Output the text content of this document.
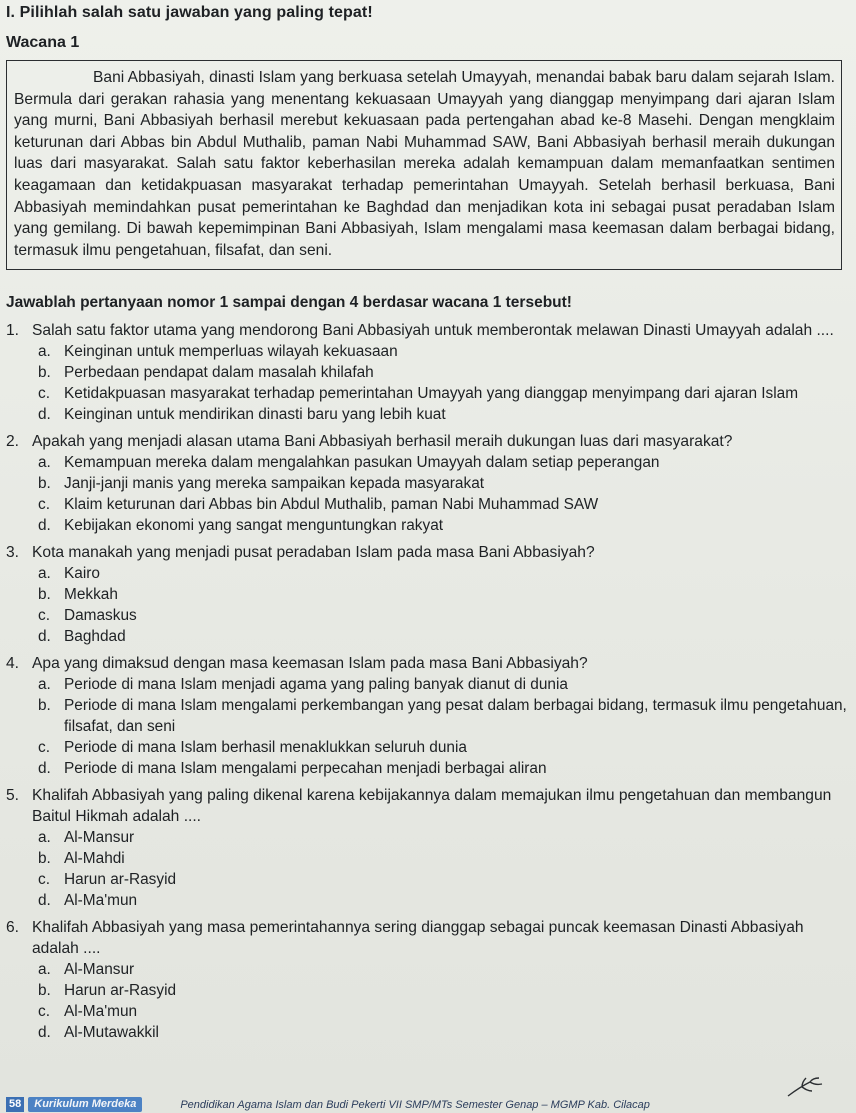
I. Pilihlah salah satu jawaban yang paling tepat!
Wacana 1

Bani Abbasiyah, dinasti Islam yang berkuasa setelah Umayyah, menandai babak baru dalam sejarah Islam. Bermula dari gerakan rahasia yang menentang kekuasaan Umayyah yang dianggap menyimpang dari ajaran Islam yang murni, Bani Abbasiyah berhasil merebut kekuasaan pada pertengahan abad ke-8 Masehi. Dengan mengklaim keturunan dari Abbas bin Abdul Muthalib, paman Nabi Muhammad SAW, Bani Abbasiyah berhasil meraih dukungan luas dari masyarakat. Salah satu faktor keberhasilan mereka adalah kemampuan dalam memanfaatkan sentimen keagamaan dan ketidakpuasan masyarakat terhadap pemerintahan Umayyah. Setelah berhasil berkuasa, Bani Abbasiyah memindahkan pusat pemerintahan ke Baghdad dan menjadikan kota ini sebagai pusat peradaban Islam yang gemilang. Di bawah kepemimpinan Bani Abbasiyah, Islam mengalami masa keemasan dalam berbagai bidang, termasuk ilmu pengetahuan, filsafat, dan seni.

Jawablah pertanyaan nomor 1 sampai dengan 4 berdasar wacana 1 tersebut!
1. Salah satu faktor utama yang mendorong Bani Abbasiyah untuk memberontak melawan Dinasti Umayyah adalah ....
a. Keinginan untuk memperluas wilayah kekuasaan
b. Perbedaan pendapat dalam masalah khilafah
c. Ketidakpuasan masyarakat terhadap pemerintahan Umayyah yang dianggap menyimpang dari ajaran Islam
d. Keinginan untuk mendirikan dinasti baru yang lebih kuat
2. Apakah yang menjadi alasan utama Bani Abbasiyah berhasil meraih dukungan luas dari masyarakat?
a. Kemampuan mereka dalam mengalahkan pasukan Umayyah dalam setiap peperangan
b. Janji-janji manis yang mereka sampaikan kepada masyarakat
c. Klaim keturunan dari Abbas bin Abdul Muthalib, paman Nabi Muhammad SAW
d. Kebijakan ekonomi yang sangat menguntungkan rakyat
3. Kota manakah yang menjadi pusat peradaban Islam pada masa Bani Abbasiyah?
a. Kairo
b. Mekkah
c. Damaskus
d. Baghdad
4. Apa yang dimaksud dengan masa keemasan Islam pada masa Bani Abbasiyah?
a. Periode di mana Islam menjadi agama yang paling banyak dianut di dunia
b. Periode di mana Islam mengalami perkembangan yang pesat dalam berbagai bidang, termasuk ilmu pengetahuan, filsafat, dan seni
c. Periode di mana Islam berhasil menaklukkan seluruh dunia
d. Periode di mana Islam mengalami perpecahan menjadi berbagai aliran
5. Khalifah Abbasiyah yang paling dikenal karena kebijakannya dalam memajukan ilmu pengetahuan dan membangun Baitul Hikmah adalah ....
a. Al-Mansur
b. Al-Mahdi
c. Harun ar-Rasyid
d. Al-Ma'mun
6. Khalifah Abbasiyah yang masa pemerintahannya sering dianggap sebagai puncak keemasan Dinasti Abbasiyah adalah ....
a. Al-Mansur
b. Harun ar-Rasyid
c. Al-Ma'mun
d. Al-Mutawakkil
58	Kurikulum Merdeka	Pendidikan Agama Islam dan Budi Pekerti VII SMP/MTs Semester Genap – MGMP Kab. Cilacap
